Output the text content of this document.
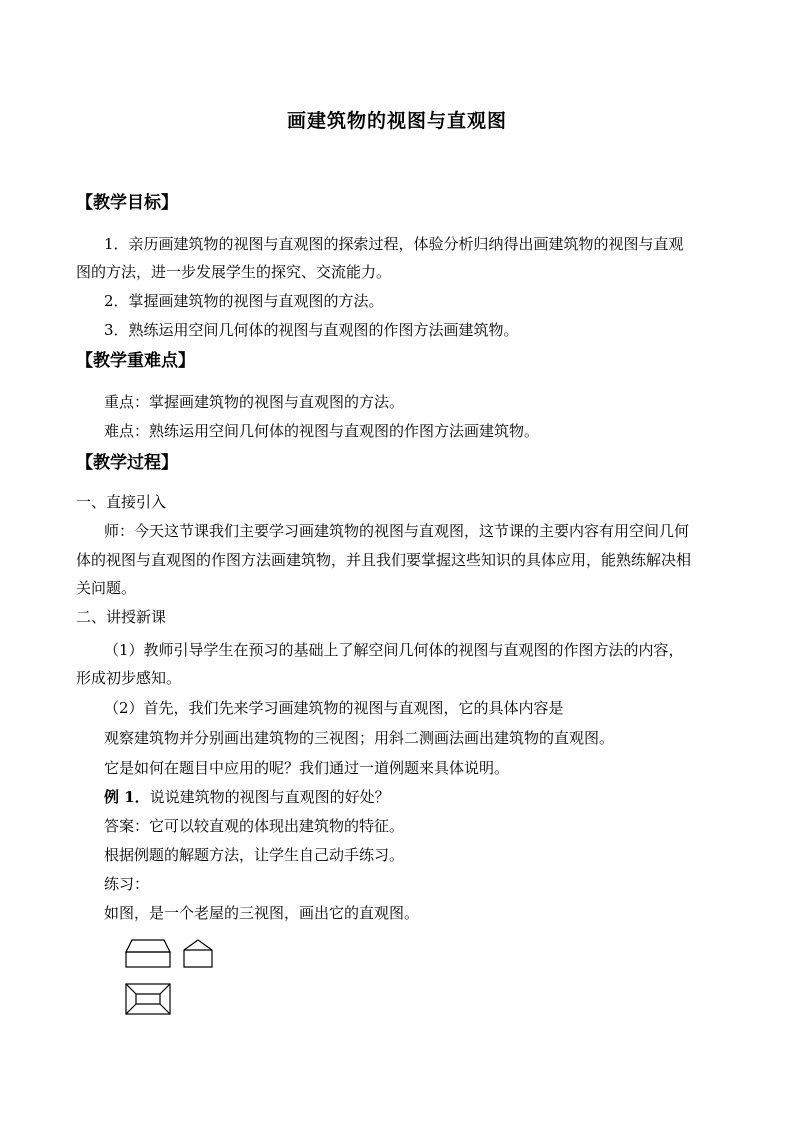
画建筑物的视图与直观图
【教学目标】
1．亲历画建筑物的视图与直观图的探索过程，体验分析归纳得出画建筑物的视图与直观
图的方法，进一步发展学生的探究、交流能力。
2．掌握画建筑物的视图与直观图的方法。
3．熟练运用空间几何体的视图与直观图的作图方法画建筑物。
【教学重难点】
重点：掌握画建筑物的视图与直观图的方法。
难点：熟练运用空间几何体的视图与直观图的作图方法画建筑物。
【教学过程】
一、直接引入
师：今天这节课我们主要学习画建筑物的视图与直观图，这节课的主要内容有用空间几何
体的视图与直观图的作图方法画建筑物，并且我们要掌握这些知识的具体应用，能熟练解决相
关问题。
二、讲授新课
（1）教师引导学生在预习的基础上了解空间几何体的视图与直观图的作图方法的内容，
形成初步感知。
（2）首先，我们先来学习画建筑物的视图与直观图，它的具体内容是
观察建筑物并分别画出建筑物的三视图；用斜二测画法画出建筑物的直观图。
它是如何在题目中应用的呢？我们通过一道例题来具体说明。
例 1．说说建筑物的视图与直观图的好处？
答案：它可以较直观的体现出建筑物的特征。
根据例题的解题方法，让学生自己动手练习。
练习：
如图，是一个老屋的三视图，画出它的直观图。
